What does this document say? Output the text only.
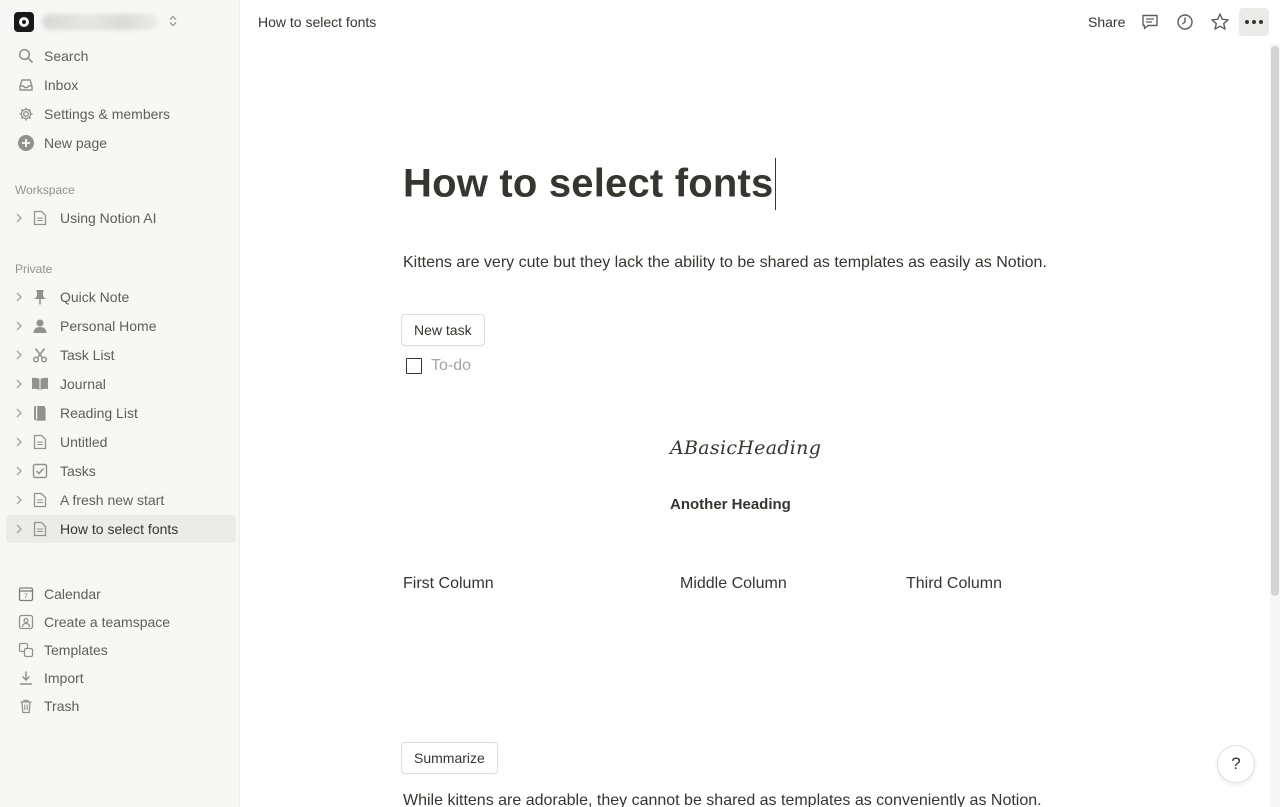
Search
Inbox
Settings & members
New page
Workspace
Using Notion AI
Private
Quick Note
Personal Home
Task List
Journal
Reading List
Untitled
Tasks
A fresh new start
How to select fonts
7 Calendar
Create a teamspace
Templates
Import
Trash
How to select fonts	Share
How to select fonts
Kittens are very cute but they lack the ability to be shared as templates as easily as Notion.
New task
To-do
ABasicHeading
Another Heading
First Column	Middle Column	Third Column
Summarize
While kittens are adorable, they cannot be shared as templates as conveniently as Notion.
?
